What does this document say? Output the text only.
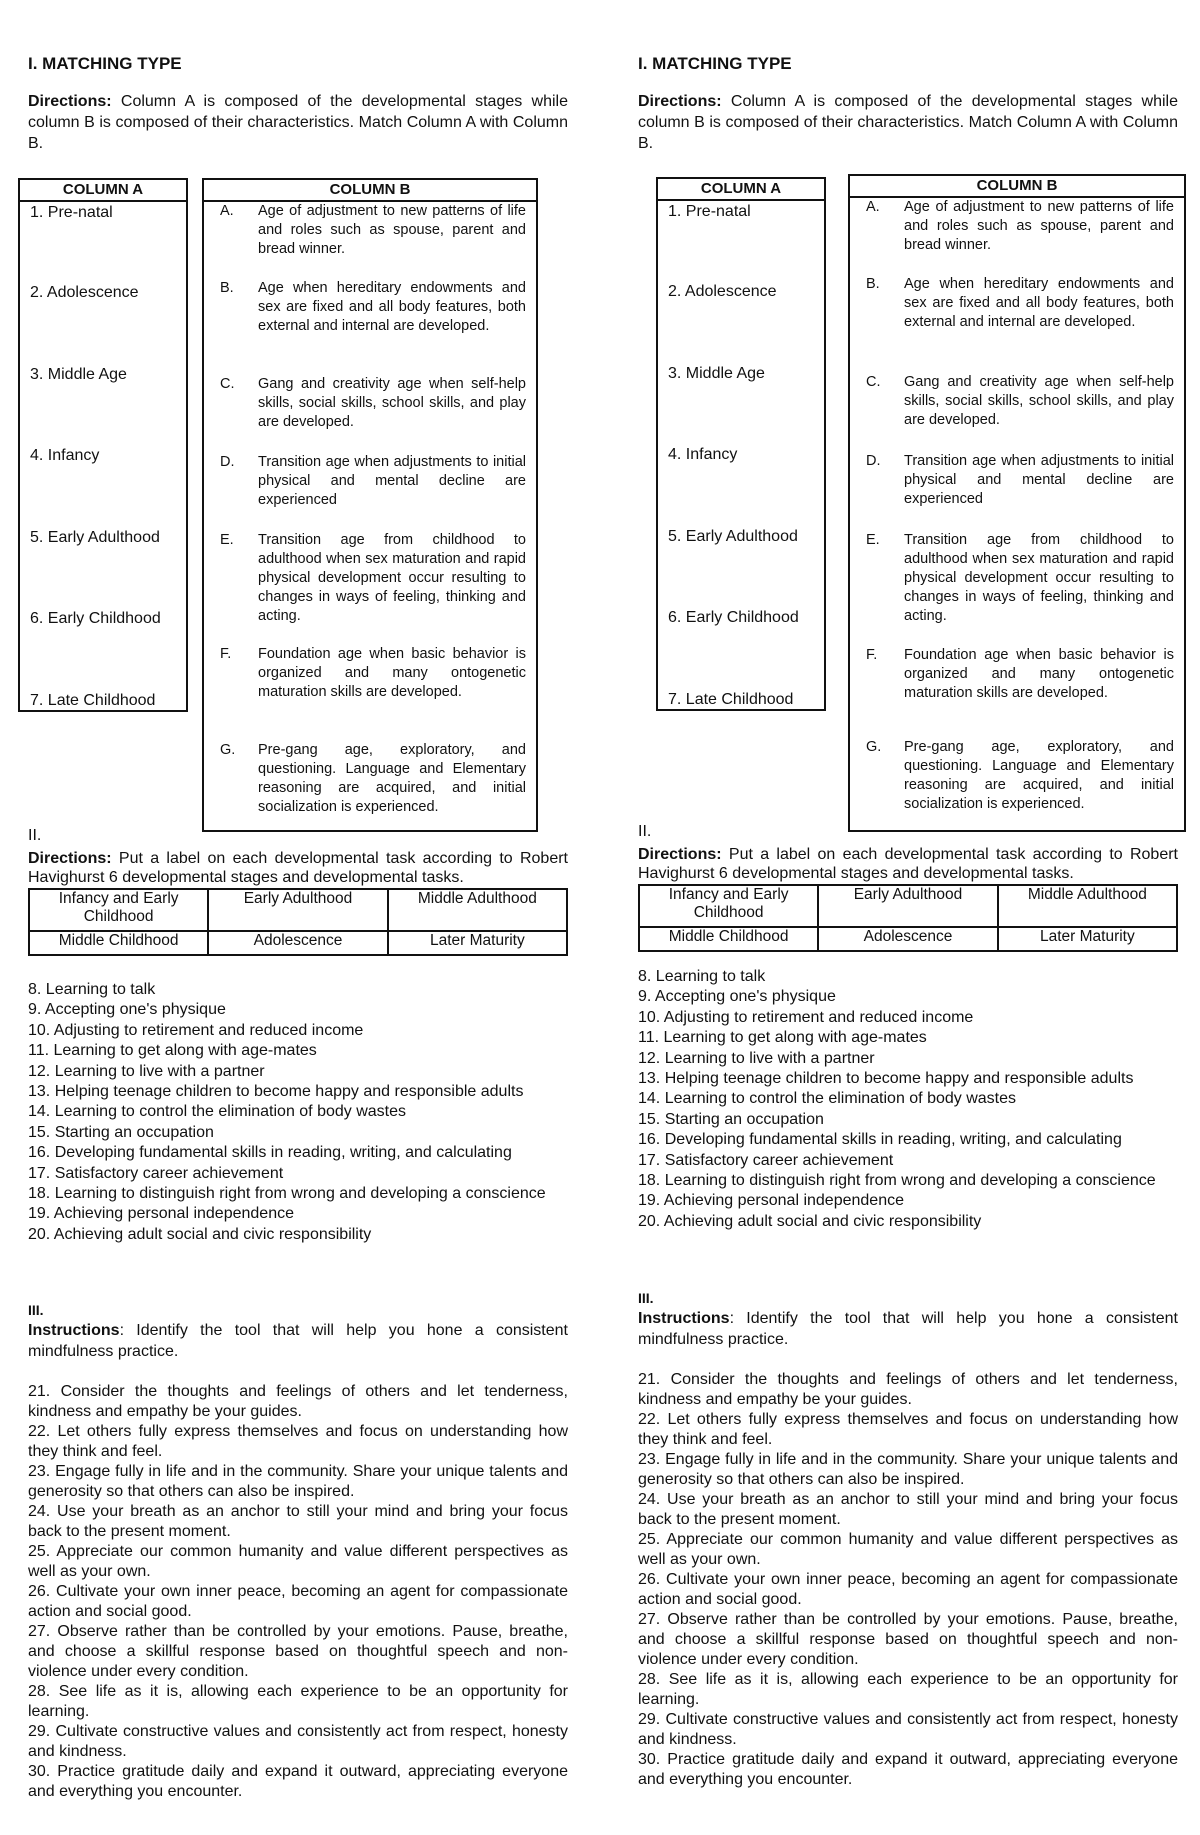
I. MATCHING TYPE
Directions: Column A is composed of the developmental stages while column B is composed of their characteristics. Match Column A with Column B.
COLUMN A
1. Pre-natal
2. Adolescence
3. Middle Age
4. Infancy
5. Early Adulthood
6. Early Childhood
7. Late Childhood
COLUMN B
A. Age of adjustment to new patterns of life and roles such as spouse, parent and bread winner.
B. Age when hereditary endowments and sex are fixed and all body features, both external and internal are developed.
C. Gang and creativity age when self-help skills, social skills, school skills, and play are developed.
D. Transition age when adjustments to initial physical and mental decline are experienced
E. Transition age from childhood to adulthood when sex maturation and rapid physical development occur resulting to changes in ways of feeling, thinking and acting.
F. Foundation age when basic behavior is organized and many ontogenetic maturation skills are developed.
G. Pre-gang age, exploratory, and questioning. Language and Elementary reasoning are acquired, and initial socialization is experienced.
II.
Directions: Put a label on each developmental task according to Robert Havighurst 6 developmental stages and developmental tasks.
Infancy and Early Childhood	Early Adulthood	Middle Adulthood
Middle Childhood	Adolescence	Later Maturity
8. Learning to talk
9. Accepting one's physique
10. Adjusting to retirement and reduced income
11. Learning to get along with age-mates
12. Learning to live with a partner
13. Helping teenage children to become happy and responsible adults
14. Learning to control the elimination of body wastes
15. Starting an occupation
16. Developing fundamental skills in reading, writing, and calculating
17. Satisfactory career achievement
18. Learning to distinguish right from wrong and developing a conscience
19. Achieving personal independence
20. Achieving adult social and civic responsibility
III.
Instructions: Identify the tool that will help you hone a consistent mindfulness practice.
21. Consider the thoughts and feelings of others and let tenderness, kindness and empathy be your guides.
22. Let others fully express themselves and focus on understanding how they think and feel.
23. Engage fully in life and in the community. Share your unique talents and generosity so that others can also be inspired.
24. Use your breath as an anchor to still your mind and bring your focus back to the present moment.
25. Appreciate our common humanity and value different perspectives as well as your own.
26. Cultivate your own inner peace, becoming an agent for compassionate action and social good.
27. Observe rather than be controlled by your emotions. Pause, breathe, and choose a skillful response based on thoughtful speech and non-violence under every condition.
28. See life as it is, allowing each experience to be an opportunity for learning.
29. Cultivate constructive values and consistently act from respect, honesty and kindness.
30. Practice gratitude daily and expand it outward, appreciating everyone and everything you encounter.
I. MATCHING TYPE
Directions: Column A is composed of the developmental stages while column B is composed of their characteristics. Match Column A with Column B.
COLUMN A
1. Pre-natal
2. Adolescence
3. Middle Age
4. Infancy
5. Early Adulthood
6. Early Childhood
7. Late Childhood
COLUMN B
A. Age of adjustment to new patterns of life and roles such as spouse, parent and bread winner.
B. Age when hereditary endowments and sex are fixed and all body features, both external and internal are developed.
C. Gang and creativity age when self-help skills, social skills, school skills, and play are developed.
D. Transition age when adjustments to initial physical and mental decline are experienced
E. Transition age from childhood to adulthood when sex maturation and rapid physical development occur resulting to changes in ways of feeling, thinking and acting.
F. Foundation age when basic behavior is organized and many ontogenetic maturation skills are developed.
G. Pre-gang age, exploratory, and questioning. Language and Elementary reasoning are acquired, and initial socialization is experienced.
II.
Directions: Put a label on each developmental task according to Robert Havighurst 6 developmental stages and developmental tasks.
Infancy and Early Childhood	Early Adulthood	Middle Adulthood
Middle Childhood	Adolescence	Later Maturity
8. Learning to talk
9. Accepting one's physique
10. Adjusting to retirement and reduced income
11. Learning to get along with age-mates
12. Learning to live with a partner
13. Helping teenage children to become happy and responsible adults
14. Learning to control the elimination of body wastes
15. Starting an occupation
16. Developing fundamental skills in reading, writing, and calculating
17. Satisfactory career achievement
18. Learning to distinguish right from wrong and developing a conscience
19. Achieving personal independence
20. Achieving adult social and civic responsibility
III.
Instructions: Identify the tool that will help you hone a consistent mindfulness practice.
21. Consider the thoughts and feelings of others and let tenderness, kindness and empathy be your guides.
22. Let others fully express themselves and focus on understanding how they think and feel.
23. Engage fully in life and in the community. Share your unique talents and generosity so that others can also be inspired.
24. Use your breath as an anchor to still your mind and bring your focus back to the present moment.
25. Appreciate our common humanity and value different perspectives as well as your own.
26. Cultivate your own inner peace, becoming an agent for compassionate action and social good.
27. Observe rather than be controlled by your emotions. Pause, breathe, and choose a skillful response based on thoughtful speech and non-violence under every condition.
28. See life as it is, allowing each experience to be an opportunity for learning.
29. Cultivate constructive values and consistently act from respect, honesty and kindness.
30. Practice gratitude daily and expand it outward, appreciating everyone and everything you encounter.
